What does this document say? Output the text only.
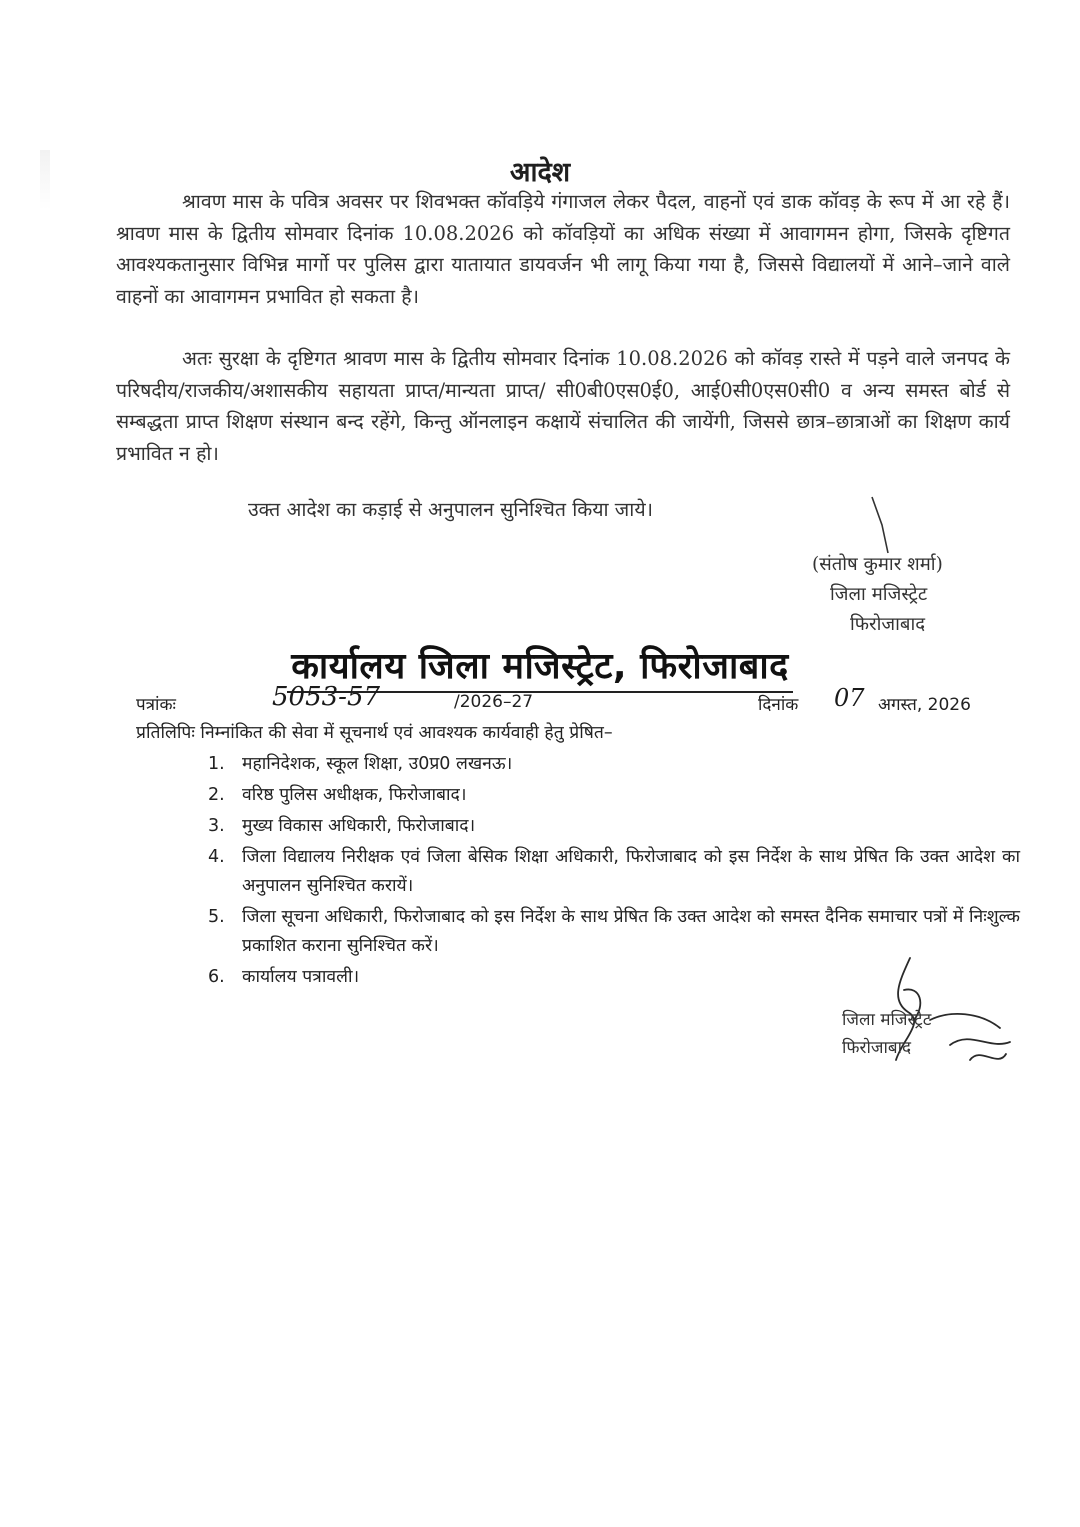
आदेश
श्रावण मास के पवित्र अवसर पर शिवभक्त कॉवड़िये गंगाजल लेकर पैदल, वाहनों एवं डाक कॉवड़ के रूप में आ रहे हैं। श्रावण मास के द्वितीय सोमवार दिनांक 10.08.2026 को कॉवड़ियों का अधिक संख्या में आवागमन होगा, जिसके दृष्टिगत आवश्यकतानुसार विभिन्न मार्गो पर पुलिस द्वारा यातायात डायवर्जन भी लागू किया गया है, जिससे विद्यालयों में आने–जाने वाले वाहनों का आवागमन प्रभावित हो सकता है।
अतः सुरक्षा के दृष्टिगत श्रावण मास के द्वितीय सोमवार दिनांक 10.08.2026 को कॉवड़ रास्ते में पड़ने वाले जनपद के परिषदीय/राजकीय/अशासकीय सहायता प्राप्त/मान्यता प्राप्त/ सी0बी0एस0ई0, आई0सी0एस0सी0 व अन्य समस्त बोर्ड से सम्बद्धता प्राप्त शिक्षण संस्थान बन्द रहेंगे, किन्तु ऑनलाइन कक्षायें संचालित की जायेंगी, जिससे छात्र–छात्राओं का शिक्षण कार्य प्रभावित न हो।
उक्त आदेश का कड़ाई से अनुपालन सुनिश्चित किया जाये।
(संतोष कुमार शर्मा)
जिला मजिस्ट्रेट
फिरोजाबाद
कार्यालय जिला मजिस्ट्रेट, फिरोजाबाद
पत्रांकः	5053-57	/2026–27	दिनांक 07 अगस्त, 2026
प्रतिलिपिः निम्नांकित की सेवा में सूचनार्थ एवं आवश्यक कार्यवाही हेतु प्रेषित–
1. महानिदेशक, स्कूल शिक्षा, उ0प्र0 लखनऊ।
2. वरिष्ठ पुलिस अधीक्षक, फिरोजाबाद।
3. मुख्य विकास अधिकारी, फिरोजाबाद।
4. जिला विद्यालय निरीक्षक एवं जिला बेसिक शिक्षा अधिकारी, फिरोजाबाद को इस निर्देश के साथ प्रेषित कि उक्त आदेश का अनुपालन सुनिश्चित करायें।
5. जिला सूचना अधिकारी, फिरोजाबाद को इस निर्देश के साथ प्रेषित कि उक्त आदेश को समस्त दैनिक समाचार पत्रों में निःशुल्क प्रकाशित कराना सुनिश्चित करें।
6. कार्यालय पत्रावली।
जिला मजिस्ट्रेट
फिरोजाबाद
